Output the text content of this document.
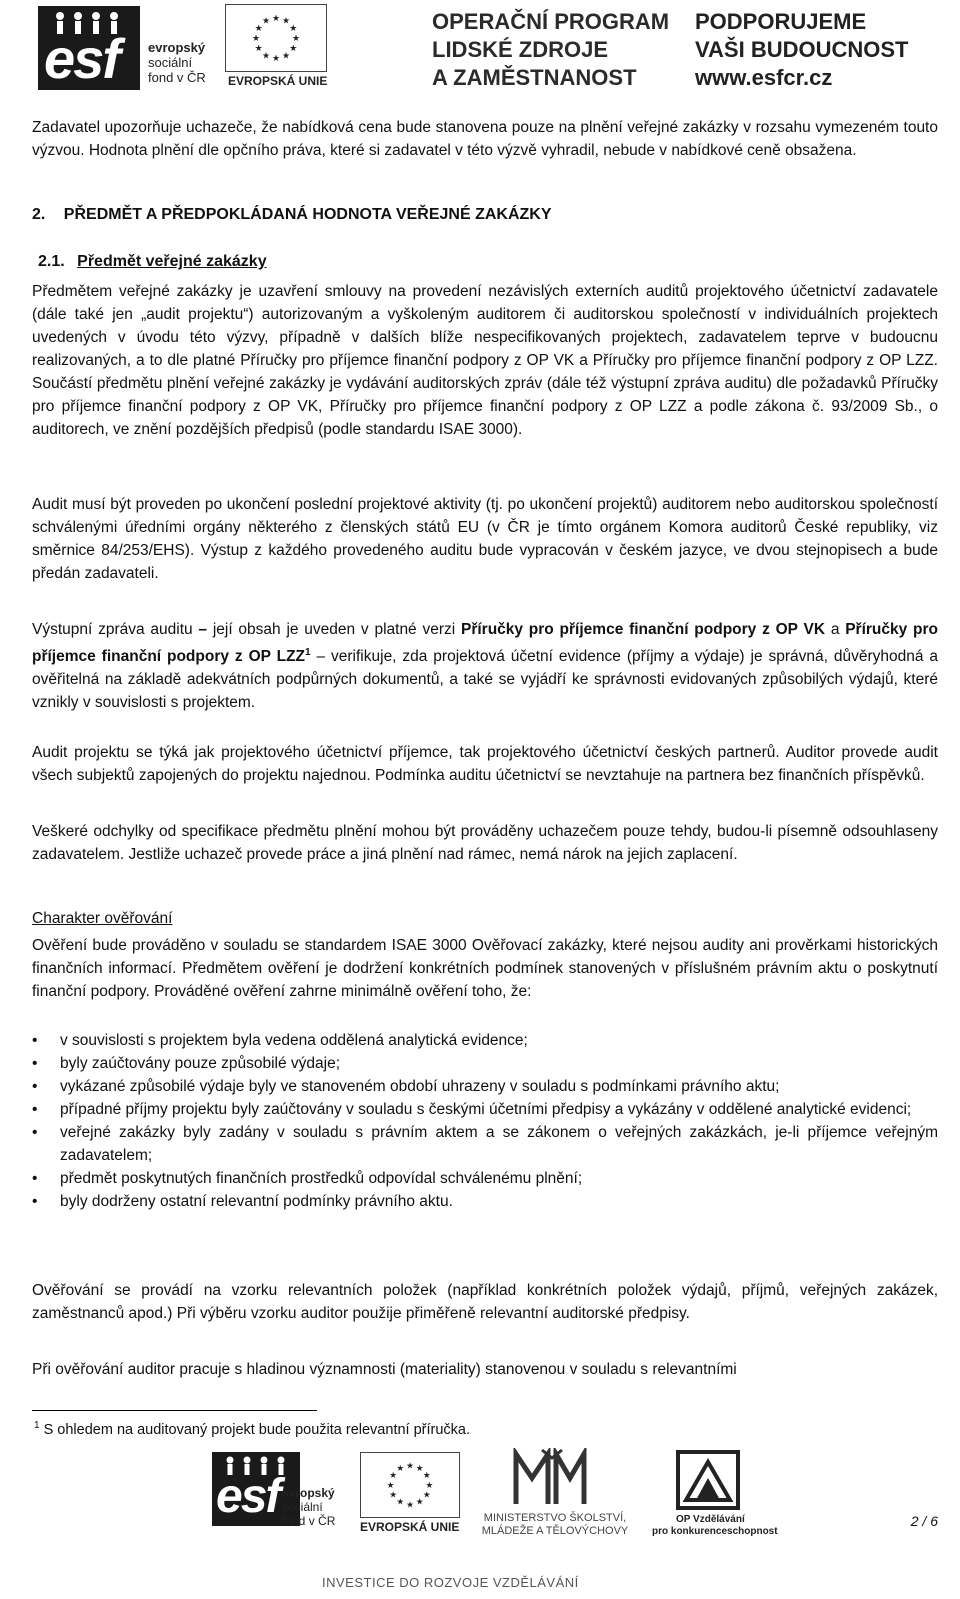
esf evropský
sociální
fond v ČR
★ ★
★
★
★
★
★
★
★
★
★
★
EVROPSKÁ UNIE
OPERAČNÍ PROGRAM
LIDSKÉ ZDROJE
A ZAMĚSTNANOST
PODPORUJEME
VAŠI BUDOUCNOST
www.esfcr.cz

Zadavatel upozorňuje uchazeče, že nabídková cena bude stanovena pouze na plnění veřejné zakázky v rozsahu vymezeném touto výzvou. Hodnota plnění dle opčního práva, které si zadavatel v této výzvě vyhradil, nebude v nabídkové ceně obsažena.

2. PŘEDMĚT A PŘEDPOKLÁDANÁ HODNOTA VEŘEJNÉ ZAKÁZKY
2.1. Předmět veřejné zakázky

Předmětem veřejné zakázky je uzavření smlouvy na provedení nezávislých externích auditů projektového účetnictví zadavatele (dále také jen „audit projektu“) autorizovaným a vyškoleným auditorem či auditorskou společností v individuálních projektech uvedených v úvodu této výzvy, případně v dalších blíže nespecifikovaných projektech, zadavatelem teprve v budoucnu realizovaných, a to dle platné Příručky pro příjemce finanční podpory z OP VK a Příručky pro příjemce finanční podpory z OP LZZ. Součástí předmětu plnění veřejné zakázky je vydávání auditorských zpráv (dále též výstupní zpráva auditu) dle požadavků Příručky pro příjemce finanční podpory z OP VK, Příručky pro příjemce finanční podpory z OP LZZ a podle zákona č. 93/2009 Sb., o auditorech, ve znění pozdějších předpisů (podle standardu ISAE 3000).

Audit musí být proveden po ukončení poslední projektové aktivity (tj. po ukončení projektů) auditorem nebo auditorskou společností schválenými úředními orgány některého z členských států EU (v ČR je tímto orgánem Komora auditorů České republiky, viz směrnice 84/253/EHS). Výstup z každého provedeného auditu bude vypracován v českém jazyce, ve dvou stejnopisech a bude předán zadavateli.

Výstupní zpráva auditu – její obsah je uveden v platné verzi Příručky pro příjemce finanční podpory z OP VK a Příručky pro příjemce finanční podpory z OP LZZ$^1$ – verifikuje, zda projektová účetní evidence (příjmy a výdaje) je správná, důvěryhodná a ověřitelná na základě adekvátních podpůrných dokumentů, a také se vyjádří ke správnosti evidovaných způsobilých výdajů, které vznikly v souvislosti s projektem.

Audit projektu se týká jak projektového účetnictví příjemce, tak projektového účetnictví českých partnerů. Auditor provede audit všech subjektů zapojených do projektu najednou. Podmínka auditu účetnictví se nevztahuje na partnera bez finančních příspěvků.

Veškeré odchylky od specifikace předmětu plnění mohou být prováděny uchazečem pouze tehdy, budou-li písemně odsouhlaseny zadavatelem. Jestliže uchazeč provede práce a jiná plnění nad rámec, nemá nárok na jejich zaplacení.

Charakter ověřování

Ověření bude prováděno v souladu se standardem ISAE 3000 Ověřovací zakázky, které nejsou audity ani prověrkami historických finančních informací. Předmětem ověření je dodržení konkrétních podmínek stanovených v příslušném právním aktu o poskytnutí finanční podpory. Prováděné ověření zahrne minimálně ověření toho, že:

• v souvislosti s projektem byla vedena oddělená analytická evidence;
• byly zaúčtovány pouze způsobilé výdaje;
• vykázané způsobilé výdaje byly ve stanoveném období uhrazeny v souladu s podmínkami právního aktu;
• případné příjmy projektu byly zaúčtovány v souladu s českými účetními předpisy a vykázány v oddělené analytické evidenci;
• veřejné zakázky byly zadány v souladu s právním aktem a se zákonem o veřejných zakázkách, je-li příjemce veřejným zadavatelem;
• předmět poskytnutých finančních prostředků odpovídal schválenému plnění;
• byly dodrženy ostatní relevantní podmínky právního aktu.

Ověřování se provádí na vzorku relevantních položek (například konkrétních položek výdajů, příjmů, veřejných zakázek, zaměstnanců apod.) Při výběru vzorku auditor použije přiměřeně relevantní auditorské předpisy.

Při ověřování auditor pracuje s hladinou významnosti (materiality) stanovenou v souladu s relevantními

$^1$ S ohledem na auditovaný projekt bude použita relevantní příručka.
esf evropský
sociální
fond v ČR
★ ★
★
★
★
★
★
★
★
★
★
★
EVROPSKÁ UNIE
MINISTERSTVO ŠKOLSTVÍ,
MLÁDEŽE A TĚLOVÝCHOVY
OP Vzdělávání
pro konkurenceschopnost
2 / 6
INVESTICE DO ROZVOJE VZDĚLÁVÁNÍ
